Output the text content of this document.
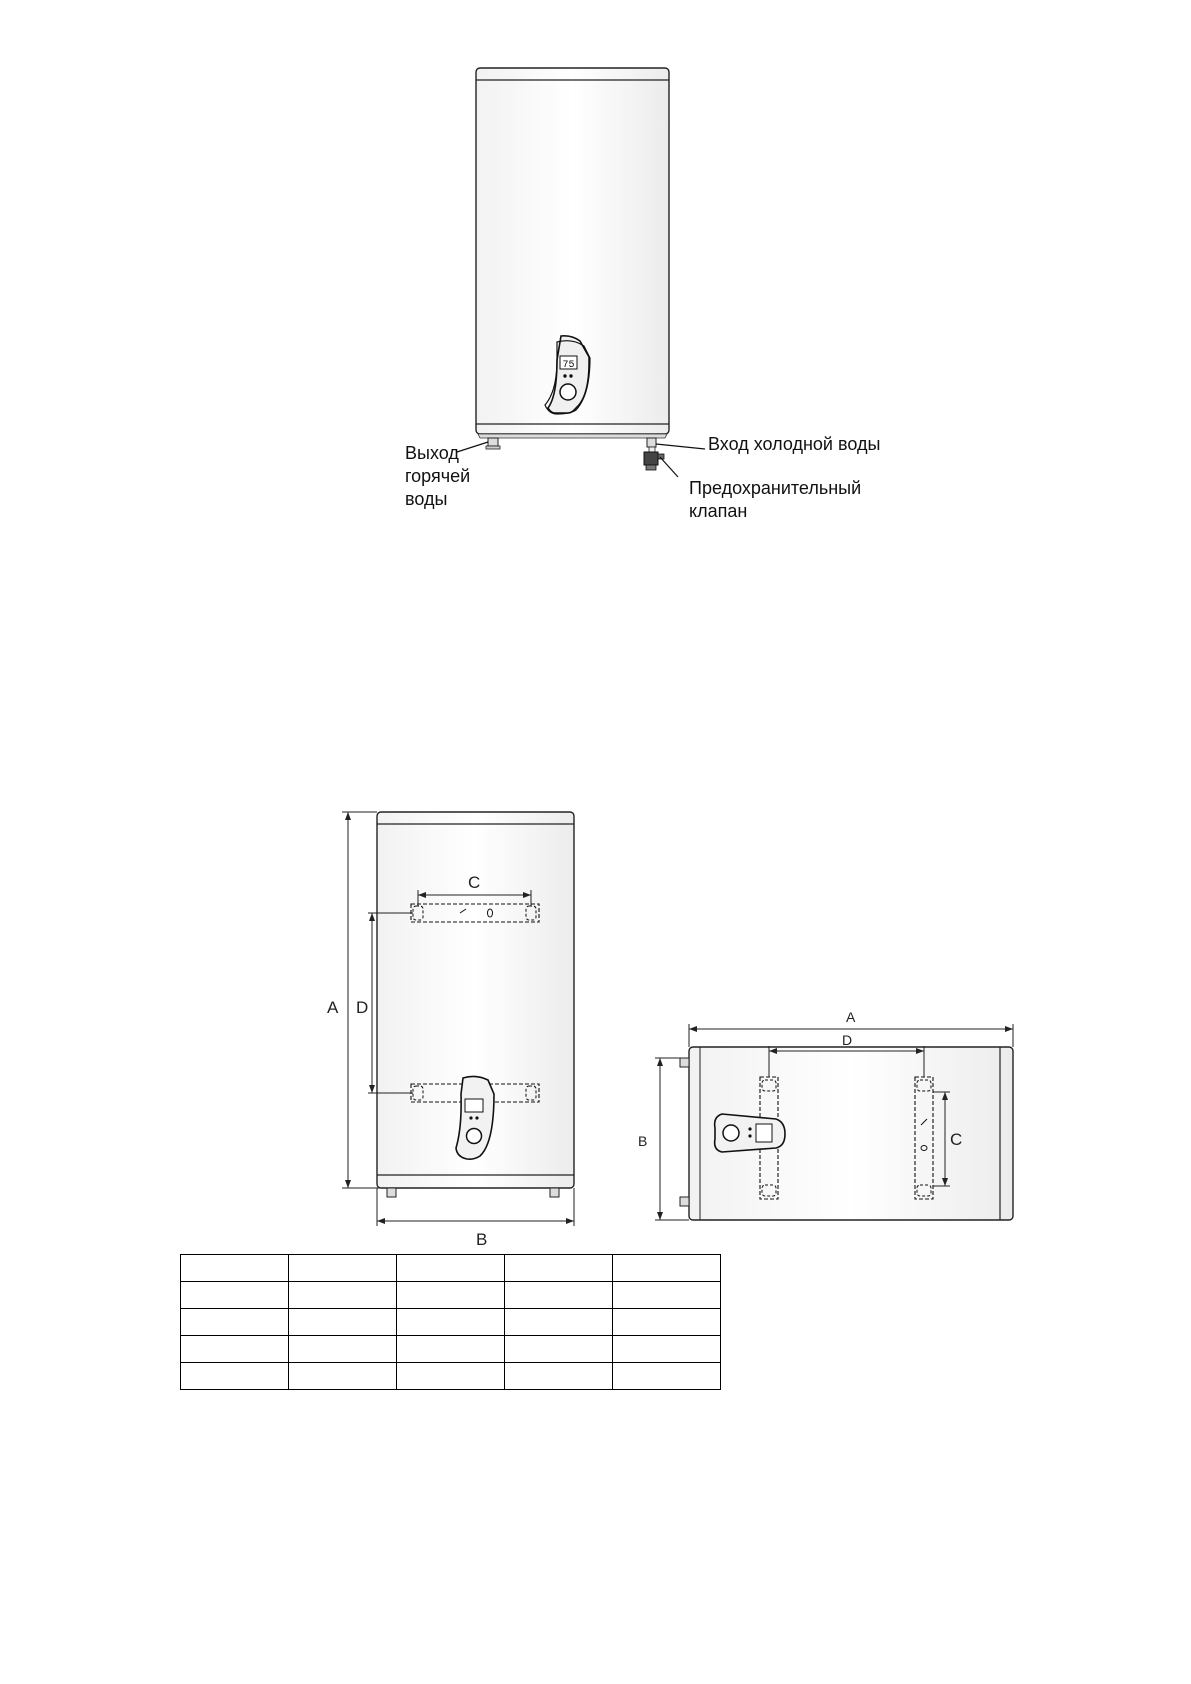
75
A D
C
B
A
D
B	C
Выход
горячей
воды
Вход холодной воды
Предохранительный
клапан
